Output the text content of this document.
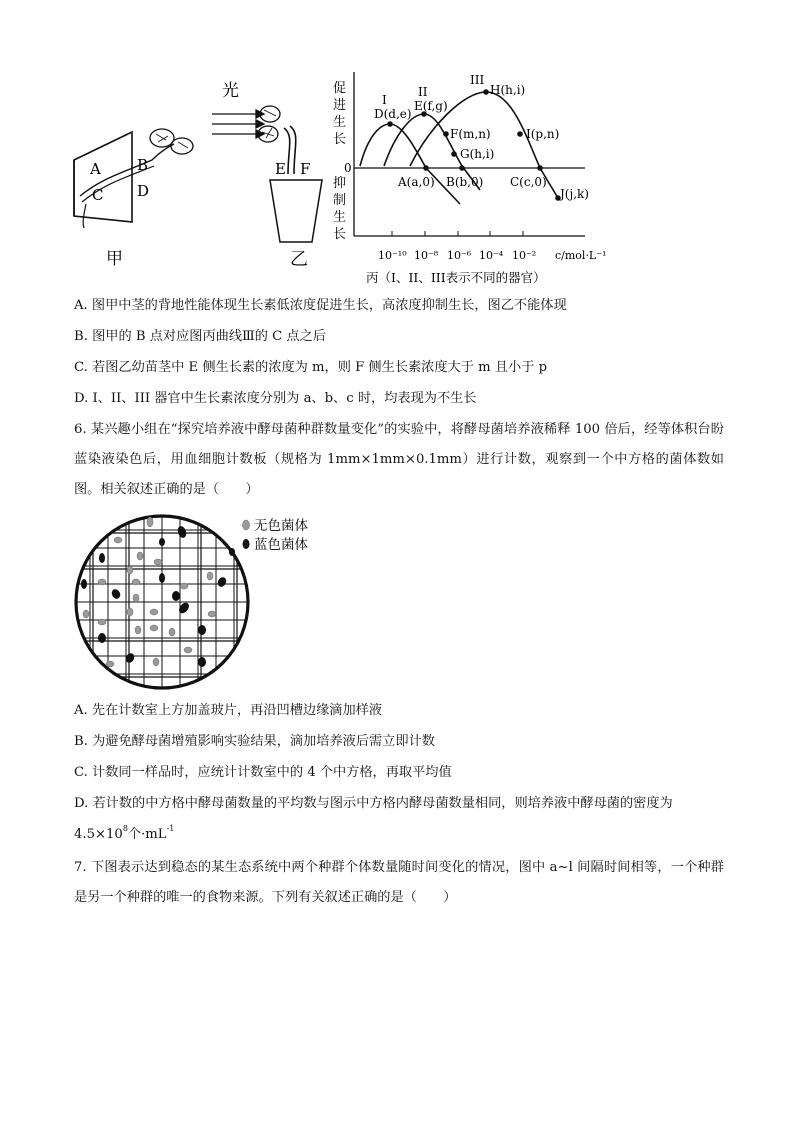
A B
C D
甲
光
E F
乙
促进生长
抑制生长
0
10⁻¹⁰ 10⁻⁸ 10⁻⁶ 10⁻⁴ 10⁻² c/mol·L⁻¹
I
II
III
D(d,e)
E(f,g)
H(h,i)
F(m,n)	I(p,n)
G(h,i)
A(a,0) B(b,0) C(c,0)
J(j,k)
丙（I、II、III表示不同的器官）
A. 图甲中茎的背地性能体现生长素低浓度促进生长，高浓度抑制生长，图乙不能体现
B. 图甲的 B 点对应图丙曲线Ⅲ的 C 点之后
C. 若图乙幼苗茎中 E 侧生长素的浓度为 m，则 F 侧生长素浓度大于 m 且小于 p
D. I、II、III 器官中生长素浓度分别为 a、b、c 时，均表现为不生长
6. 某兴趣小组在“探究培养液中酵母菌种群数量变化”的实验中，将酵母菌培养液稀释 100 倍后，经等体积台盼蓝染液染色后，用血细胞计数板（规格为 1mm×1mm×0.1mm）进行计数，观察到一个中方格的菌体数如图。相关叙述正确的是（　　）
无色菌体
蓝色菌体
A. 先在计数室上方加盖玻片，再沿凹槽边缘滴加样液
B. 为避免酵母菌增殖影响实验结果，滴加培养液后需立即计数
C. 计数同一样品时，应统计计数室中的 4 个中方格，再取平均值
D. 若计数的中方格中酵母菌数量的平均数与图示中方格内酵母菌数量相同，则培养液中酵母菌的密度为
$4.5\times 10^8$个$\cdot mL^{-1}$
7. 下图表示达到稳态的某生态系统中两个种群个体数量随时间变化的情况，图中 a~l 间隔时间相等，一个种群是另一个种群的唯一的食物来源。下列有关叙述正确的是（　　）
